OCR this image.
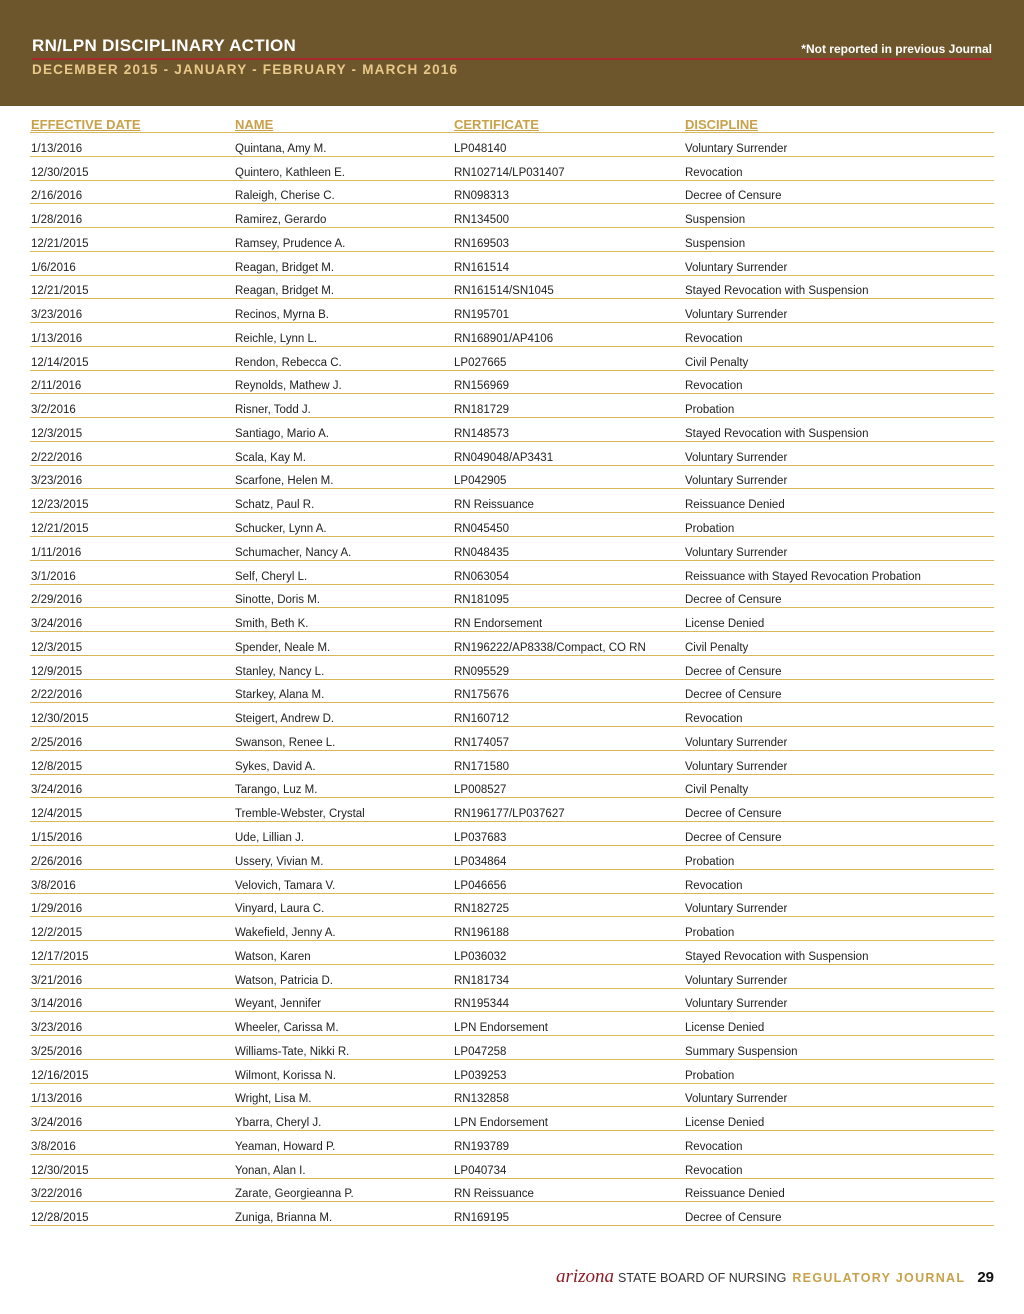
RN/LPN DISCIPLINARY ACTION	*Not reported in previous Journal
DECEMBER 2015 - JANUARY - FEBRUARY - MARCH 2016
EFFECTIVE DATE	NAME	CERTIFICATE	DISCIPLINE
1/13/2016	Quintana, Amy M.	LP048140	Voluntary Surrender
12/30/2015	Quintero, Kathleen E.	RN102714/LP031407	Revocation
2/16/2016	Raleigh, Cherise C.	RN098313	Decree of Censure
1/28/2016	Ramirez, Gerardo	RN134500	Suspension
12/21/2015	Ramsey, Prudence A.	RN169503	Suspension
1/6/2016	Reagan, Bridget M.	RN161514	Voluntary Surrender
12/21/2015	Reagan, Bridget M.	RN161514/SN1045	Stayed Revocation with Suspension
3/23/2016	Recinos, Myrna B.	RN195701	Voluntary Surrender
1/13/2016	Reichle, Lynn L.	RN168901/AP4106	Revocation
12/14/2015	Rendon, Rebecca C.	LP027665	Civil Penalty
2/11/2016	Reynolds, Mathew J.	RN156969	Revocation
3/2/2016	Risner, Todd J.	RN181729	Probation
12/3/2015	Santiago, Mario A.	RN148573	Stayed Revocation with Suspension
2/22/2016	Scala, Kay M.	RN049048/AP3431	Voluntary Surrender
3/23/2016	Scarfone, Helen M.	LP042905	Voluntary Surrender
12/23/2015	Schatz, Paul R.	RN Reissuance	Reissuance Denied
12/21/2015	Schucker, Lynn A.	RN045450	Probation
1/11/2016	Schumacher, Nancy A.	RN048435	Voluntary Surrender
3/1/2016	Self, Cheryl L.	RN063054	Reissuance with Stayed Revocation Probation
2/29/2016	Sinotte, Doris M.	RN181095	Decree of Censure
3/24/2016	Smith, Beth K.	RN Endorsement	License Denied
12/3/2015	Spender, Neale M.	RN196222/AP8338/Compact, CO RN	Civil Penalty
12/9/2015	Stanley, Nancy L.	RN095529	Decree of Censure
2/22/2016	Starkey, Alana M.	RN175676	Decree of Censure
12/30/2015	Steigert, Andrew D.	RN160712	Revocation
2/25/2016	Swanson, Renee L.	RN174057	Voluntary Surrender
12/8/2015	Sykes, David A.	RN171580	Voluntary Surrender
3/24/2016	Tarango, Luz M.	LP008527	Civil Penalty
12/4/2015	Tremble-Webster, Crystal	RN196177/LP037627	Decree of Censure
1/15/2016	Ude, Lillian J.	LP037683	Decree of Censure
2/26/2016	Ussery, Vivian M.	LP034864	Probation
3/8/2016	Velovich, Tamara V.	LP046656	Revocation
1/29/2016	Vinyard, Laura C.	RN182725	Voluntary Surrender
12/2/2015	Wakefield, Jenny A.	RN196188	Probation
12/17/2015	Watson, Karen	LP036032	Stayed Revocation with Suspension
3/21/2016	Watson, Patricia D.	RN181734	Voluntary Surrender
3/14/2016	Weyant, Jennifer	RN195344	Voluntary Surrender
3/23/2016	Wheeler, Carissa M.	LPN Endorsement	License Denied
3/25/2016	Williams-Tate, Nikki R.	LP047258	Summary Suspension
12/16/2015	Wilmont, Korissa N.	LP039253	Probation
1/13/2016	Wright, Lisa M.	RN132858	Voluntary Surrender
3/24/2016	Ybarra, Cheryl J.	LPN Endorsement	License Denied
3/8/2016	Yeaman, Howard P.	RN193789	Revocation
12/30/2015	Yonan, Alan I.	LP040734	Revocation
3/22/2016	Zarate, Georgieanna P.	RN Reissuance	Reissuance Denied
12/28/2015	Zuniga, Brianna M.	RN169195	Decree of Censure
arizona STATE BOARD OF NURSING REGULATORY JOURNAL 29
